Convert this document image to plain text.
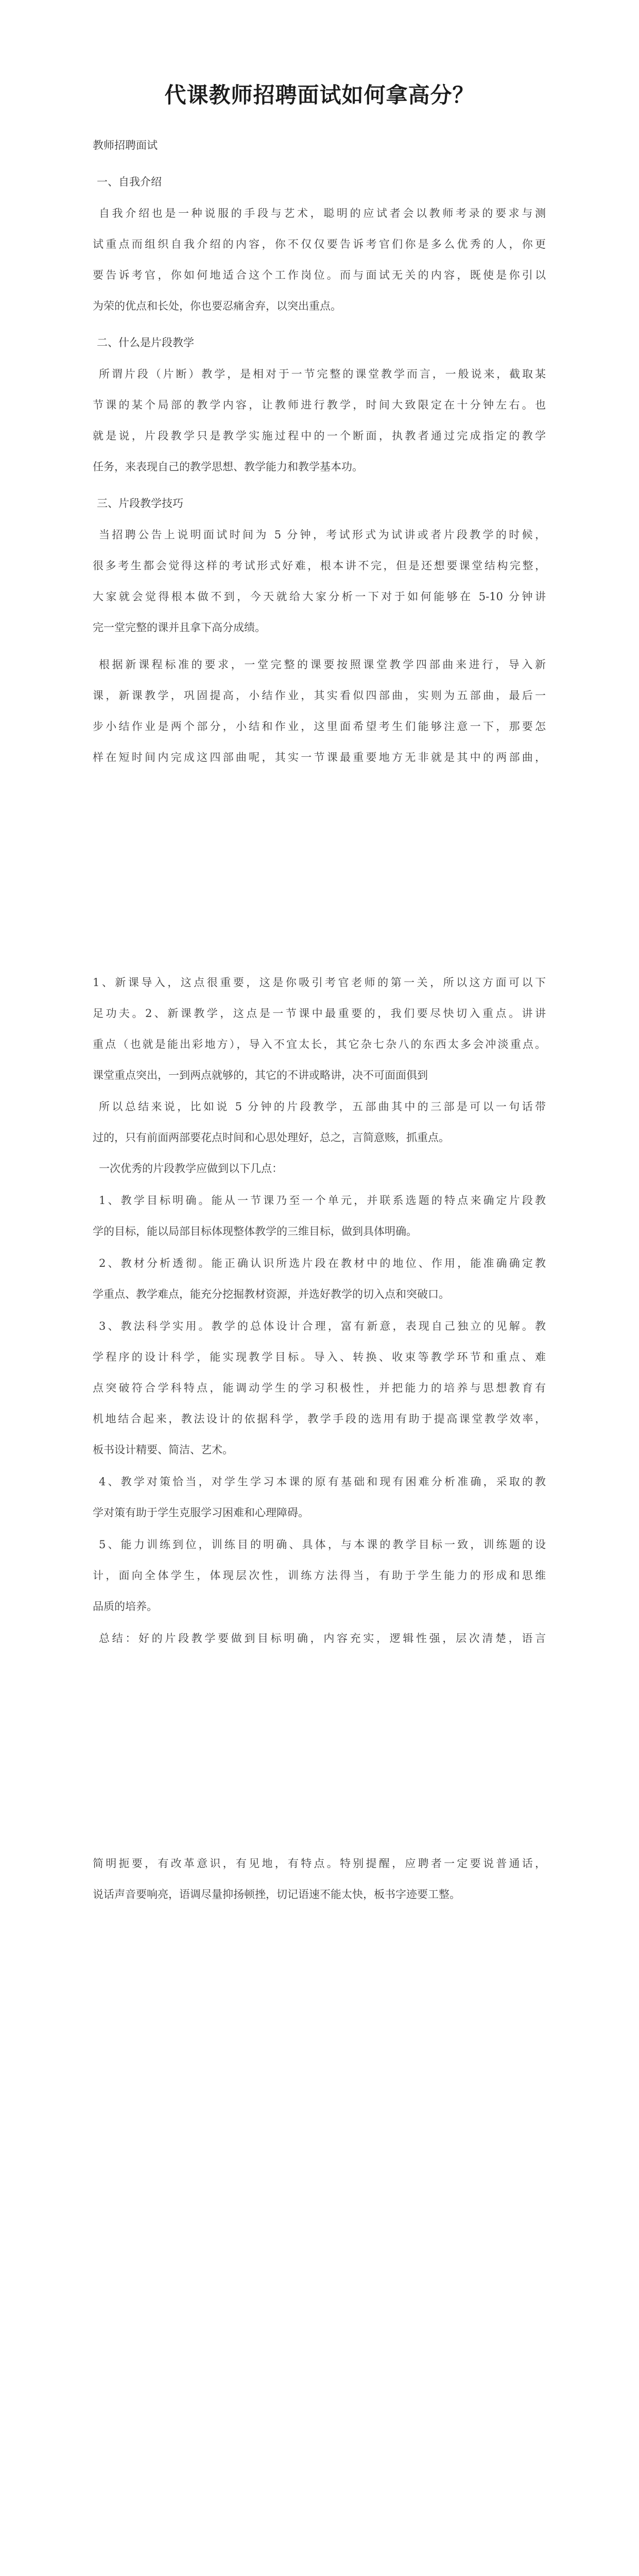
代课教师招聘面试如何拿高分？
教师招聘面试
一、自我介绍
自我介绍也是一种说服的手段与艺术，聪明的应试者会以教师考录的要求与测
试重点而组织自我介绍的内容，你不仅仅要告诉考官们你是多么优秀的人，你更
要告诉考官，你如何地适合这个工作岗位。而与面试无关的内容，既使是你引以
为荣的优点和长处，你也要忍痛舍弃，以突出重点。
二、什么是片段教学
所谓片段（片断）教学，是相对于一节完整的课堂教学而言，一般说来，截取某
节课的某个局部的教学内容，让教师进行教学，时间大致限定在十分钟左右。也
就是说，片段教学只是教学实施过程中的一个断面，执教者通过完成指定的教学
任务，来表现自己的教学思想、教学能力和教学基本功。
三、片段教学技巧
当招聘公告上说明面试时间为 5 分钟，考试形式为试讲或者片段教学的时候，
很多考生都会觉得这样的考试形式好难，根本讲不完，但是还想要课堂结构完整，
大家就会觉得根本做不到，今天就给大家分析一下对于如何能够在 5-10 分钟讲
完一堂完整的课并且拿下高分成绩。
根据新课程标准的要求，一堂完整的课要按照课堂教学四部曲来进行，导入新
课，新课教学，巩固提高，小结作业，其实看似四部曲，实则为五部曲，最后一
步小结作业是两个部分，小结和作业，这里面希望考生们能够注意一下，那要怎
样在短时间内完成这四部曲呢，其实一节课最重要地方无非就是其中的两部曲，
1、新课导入，这点很重要，这是你吸引考官老师的第一关，所以这方面可以下
足功夫。2、新课教学，这点是一节课中最重要的，我们要尽快切入重点。讲讲
重点（也就是能出彩地方），导入不宜太长，其它杂七杂八的东西太多会冲淡重点。
课堂重点突出，一到两点就够的，其它的不讲或略讲，决不可面面俱到
所以总结来说，比如说 5 分钟的片段教学，五部曲其中的三部是可以一句话带
过的，只有前面两部要花点时间和心思处理好，总之，言简意赅，抓重点。
一次优秀的片段教学应做到以下几点：
1、教学目标明确。能从一节课乃至一个单元，并联系选题的特点来确定片段教
学的目标，能以局部目标体现整体教学的三维目标，做到具体明确。
2、教材分析透彻。能正确认识所选片段在教材中的地位、作用，能准确确定教
学重点、教学难点，能充分挖掘教材资源，并选好教学的切入点和突破口。
3、教法科学实用。教学的总体设计合理，富有新意，表现自己独立的见解。教
学程序的设计科学，能实现教学目标。导入、转换、收束等教学环节和重点、难
点突破符合学科特点，能调动学生的学习积极性，并把能力的培养与思想教育有
机地结合起来，教法设计的依据科学，教学手段的选用有助于提高课堂教学效率，
板书设计精要、简洁、艺术。
4、教学对策恰当，对学生学习本课的原有基础和现有困难分析准确，采取的教
学对策有助于学生克服学习困难和心理障碍。
5、能力训练到位，训练目的明确、具体，与本课的教学目标一致，训练题的设
计，面向全体学生，体现层次性，训练方法得当，有助于学生能力的形成和思维
品质的培养。
总结：好的片段教学要做到目标明确，内容充实，逻辑性强，层次清楚，语言
简明扼要，有改革意识，有见地，有特点。特别提醒，应聘者一定要说普通话，
说话声音要响亮，语调尽量抑扬顿挫，切记语速不能太快，板书字迹要工整。
